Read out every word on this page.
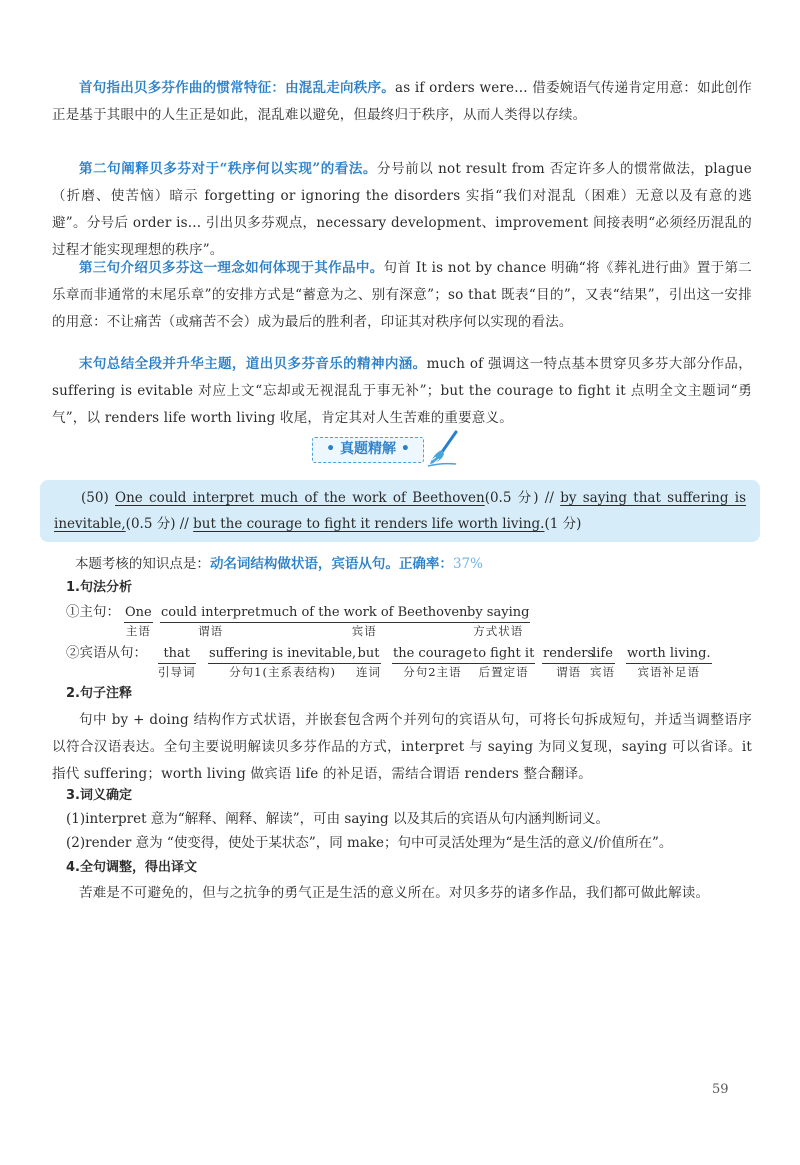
首句指出贝多芬作曲的惯常特征：由混乱走向秩序。as if orders were... 借委婉语气传递肯定用意：如此创作正是基于其眼中的人生正是如此，混乱难以避免，但最终归于秩序，从而人类得以存续。

第二句阐释贝多芬对于“秩序何以实现”的看法。分号前以 not result from 否定许多人的惯常做法，plague（折磨、使苦恼）暗示 forgetting or ignoring the disorders 实指“我们对混乱（困难）无意以及有意的逃避”。分号后 order is... 引出贝多芬观点，necessary development、improvement 间接表明“必须经历混乱的过程才能实现理想的秩序”。

第三句介绍贝多芬这一理念如何体现于其作品中。句首 It is not by chance 明确“将《葬礼进行曲》置于第二乐章而非通常的末尾乐章”的安排方式是“蓄意为之、别有深意”；so that 既表“目的”，又表“结果”，引出这一安排的用意：不让痛苦（或痛苦不会）成为最后的胜利者，印证其对秩序何以实现的看法。

末句总结全段并升华主题，道出贝多芬音乐的精神内涵。much of 强调这一特点基本贯穿贝多芬大部分作品，suffering is evitable 对应上文“忘却或无视混乱于事无补”；but the courage to fight it 点明全文主题词“勇气”，以 renders life worth living 收尾，肯定其对人生苦难的重要意义。

• 真题精解 •
(50) One could interpret much of the work of Beethoven(0.5 分) // by saying that suffering is inevitable,(0.5 分) // but the courage to fight it renders life worth living.(1 分)
本题考核的知识点是：动名词结构做状语，宾语从句。正确率：37%
1.句法分析
①主句： One
主语
could interpret
谓语
much of the work of Beethoven
宾语
by saying
方式状语
②宾语从句：	that
引导词
suffering is inevitable,
分句1(主系表结构)
but
连词
the courage
分句2主语
to fight it
后置定语
renders
谓语
life
宾语
worth living.
宾语补足语
2.句子注释

句中 by + doing 结构作方式状语，并嵌套包含两个并列句的宾语从句，可将长句拆成短句，并适当调整语序以符合汉语表达。全句主要说明解读贝多芬作品的方式，interpret 与 saying 为同义复现，saying 可以省译。it 指代 suffering；worth living 做宾语 life 的补足语，需结合谓语 renders 整合翻译。

3.词义确定
(1)interpret 意为“解释、阐释、解读”，可由 saying 以及其后的宾语从句内涵判断词义。
(2)render 意为 “使变得，使处于某状态”，同 make；句中可灵活处理为“是生活的意义/价值所在”。
4.全句调整，得出译文

苦难是不可避免的，但与之抗争的勇气正是生活的意义所在。对贝多芬的诸多作品，我们都可做此解读。

59
